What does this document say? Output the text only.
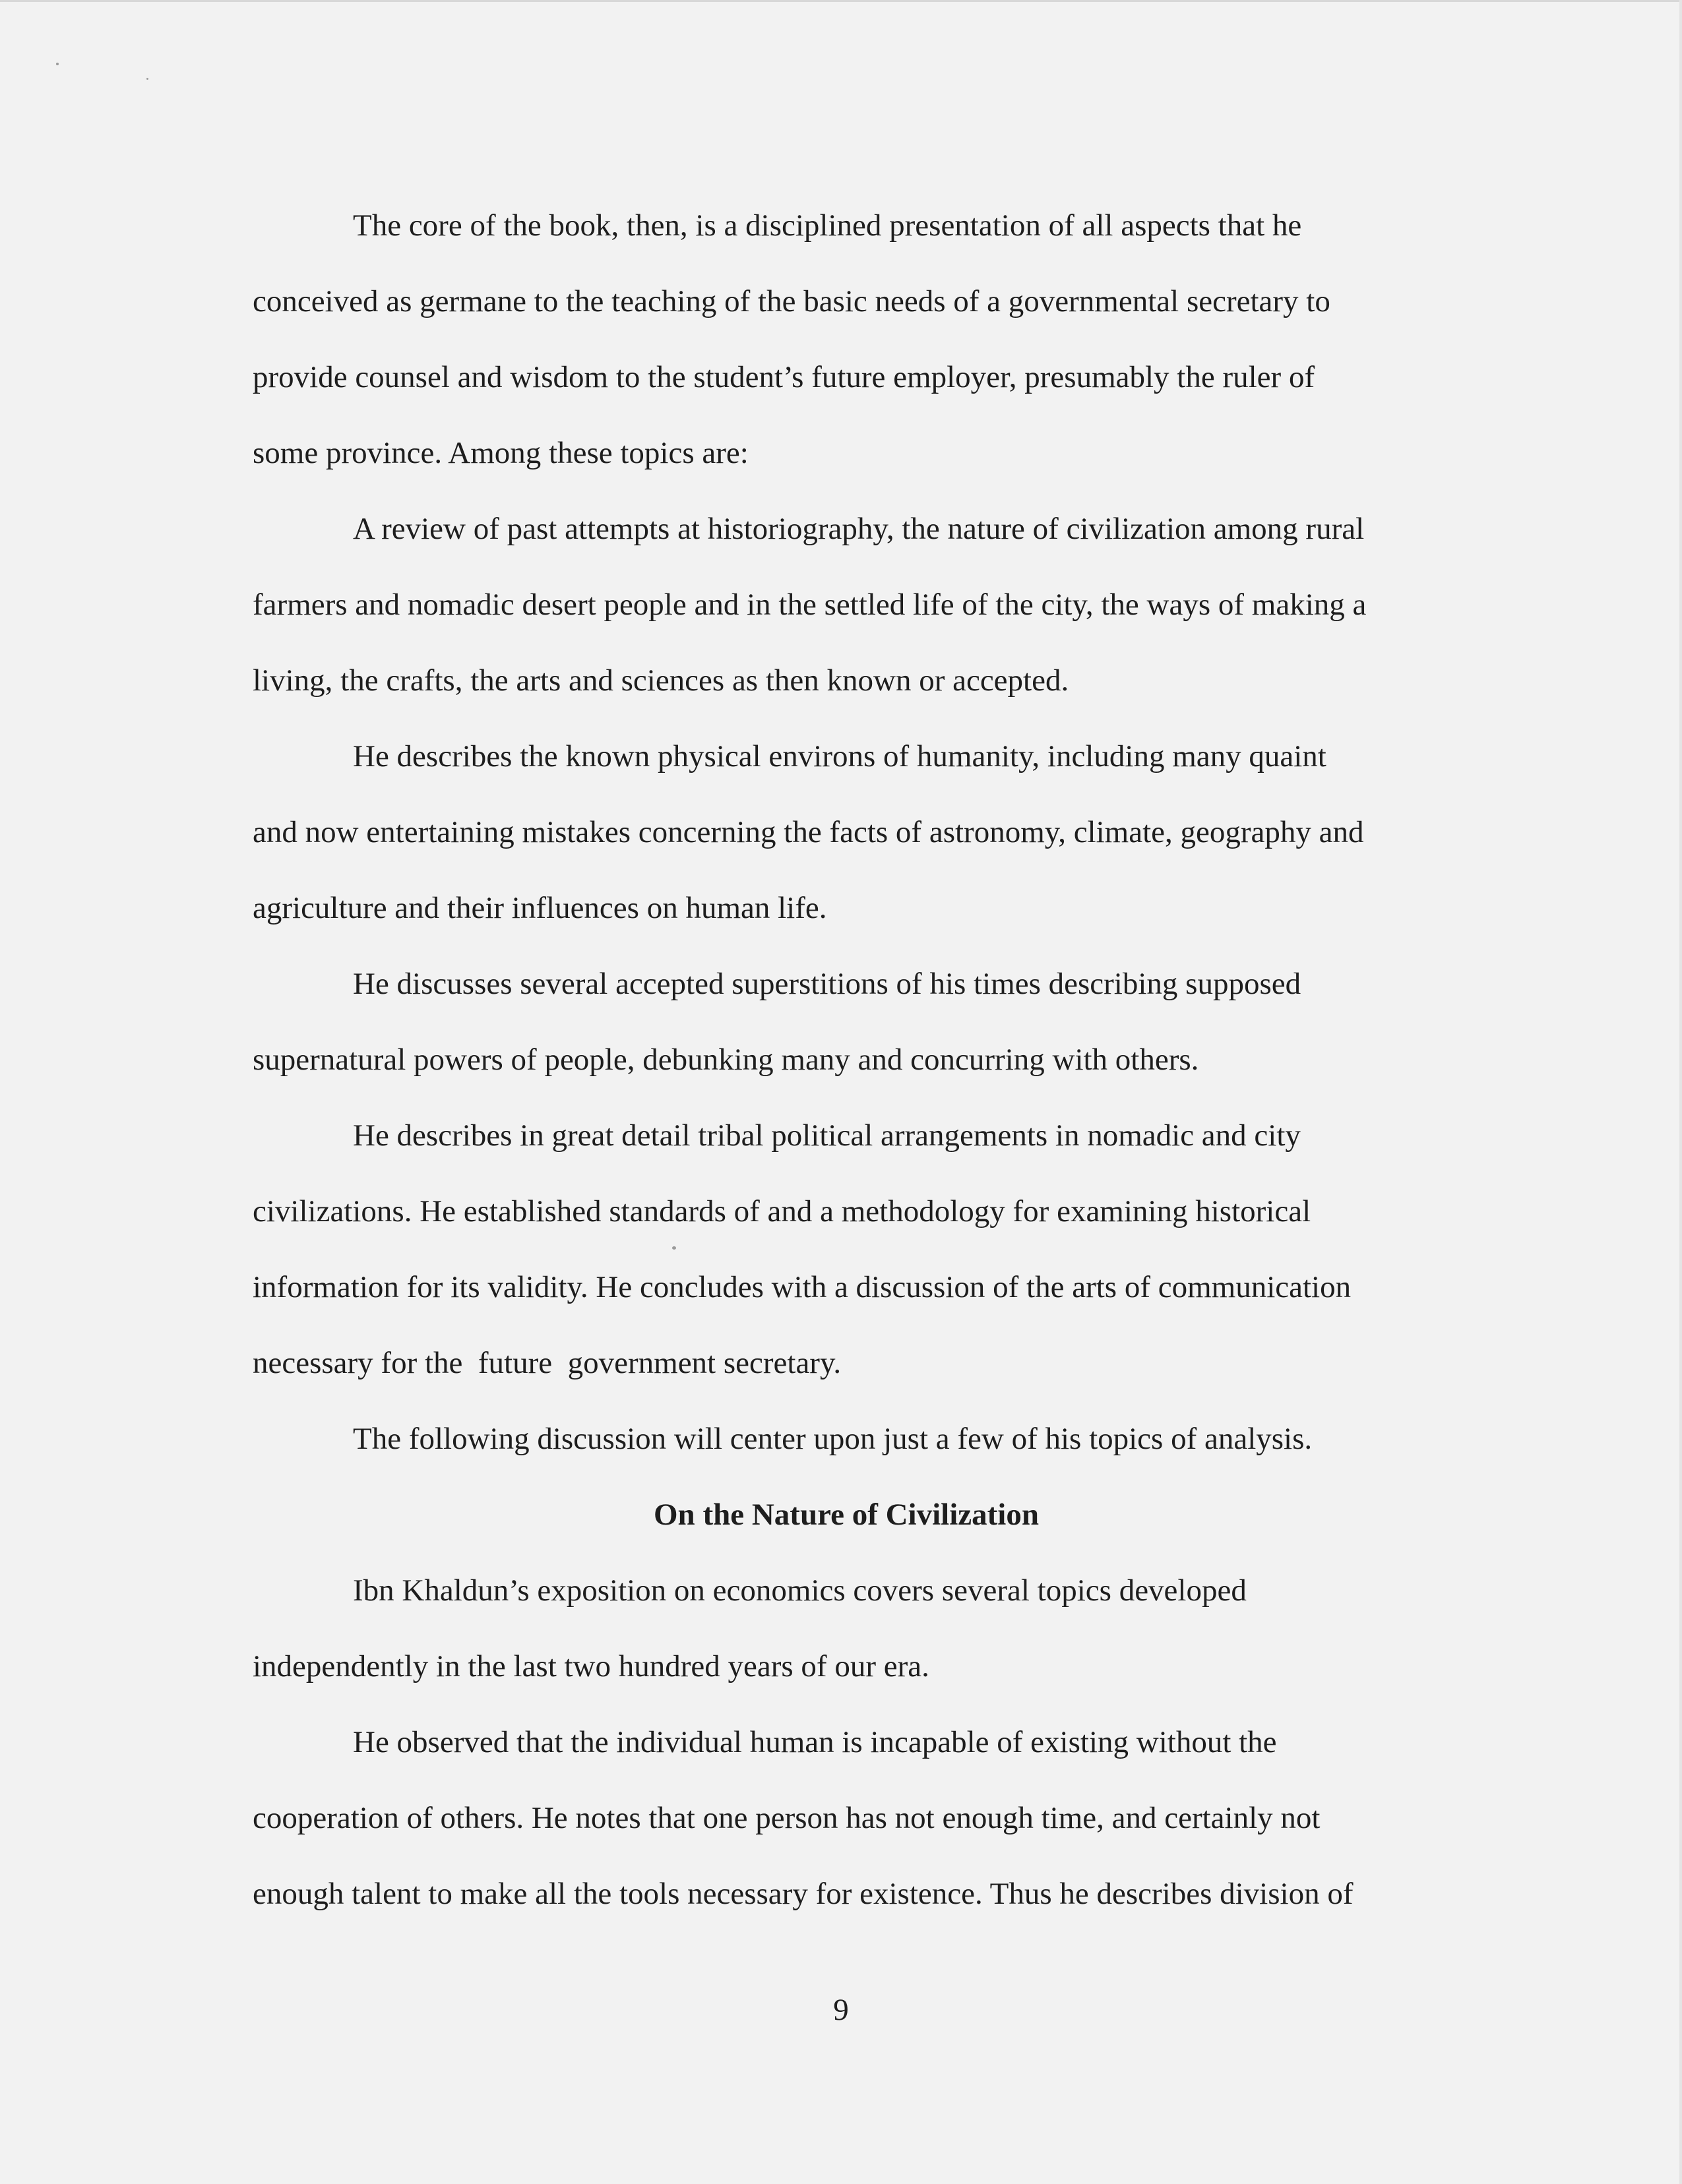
The core of the book, then, is a disciplined presentation of all aspects that he
conceived as germane to the teaching of the basic needs of a governmental secretary to
provide counsel and wisdom to the student’s future employer, presumably the ruler of
some province. Among these topics are:
A review of past attempts at historiography, the nature of civilization among rural
farmers and nomadic desert people and in the settled life of the city, the ways of making a
living, the crafts, the arts and sciences as then known or accepted.
He describes the known physical environs of humanity, including many quaint
and now entertaining mistakes concerning the facts of astronomy, climate, geography and
agriculture and their influences on human life.
He discusses several accepted superstitions of his times describing supposed
supernatural powers of people, debunking many and concurring with others.
He describes in great detail tribal political arrangements in nomadic and city
civilizations. He established standards of and a methodology for examining historical
information for its validity. He concludes with a discussion of the arts of communication
necessary for the  future  government secretary.
The following discussion will center upon just a few of his topics of analysis.
On the Nature of Civilization
Ibn Khaldun’s exposition on economics covers several topics developed
independently in the last two hundred years of our era.
He observed that the individual human is incapable of existing without the
cooperation of others. He notes that one person has not enough time, and certainly not
enough talent to make all the tools necessary for existence. Thus he describes division of
9
